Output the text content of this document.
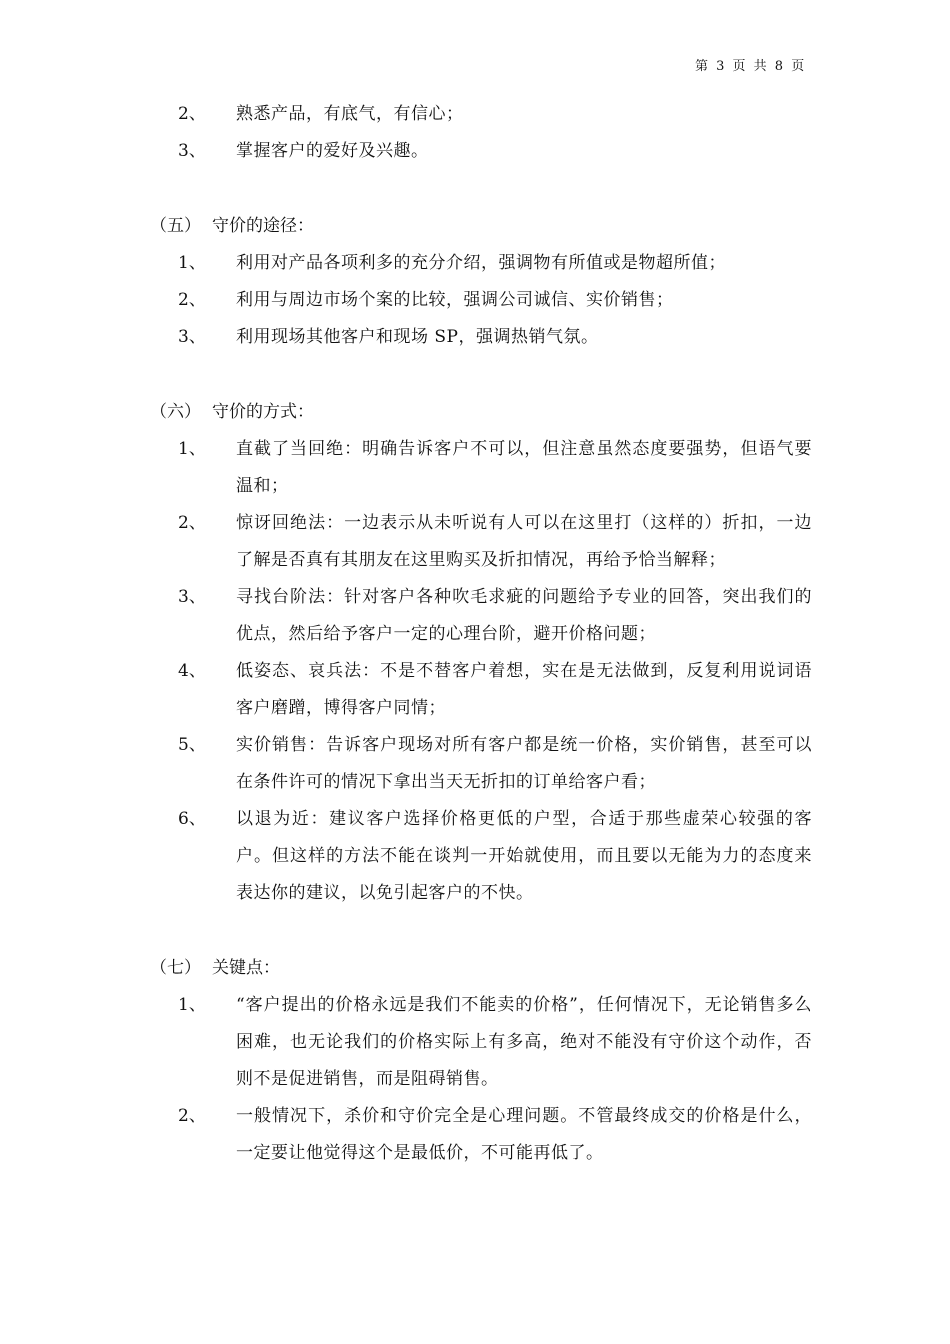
第 3 页 共 8 页
2、 熟悉产品，有底气，有信心；
3、 掌握客户的爱好及兴趣。
（五） 守价的途径：
1、 利用对产品各项利多的充分介绍，强调物有所值或是物超所值；
2、 利用与周边市场个案的比较，强调公司诚信、实价销售；
3、 利用现场其他客户和现场 SP，强调热销气氛。
（六） 守价的方式：
1、 直截了当回绝：明确告诉客户不可以，但注意虽然态度要强势，但语气要温和；
2、 惊讶回绝法：一边表示从未听说有人可以在这里打（这样的）折扣，一边了解是否真有其朋友在这里购买及折扣情况，再给予恰当解释；
3、 寻找台阶法：针对客户各种吹毛求疵的问题给予专业的回答，突出我们的优点，然后给予客户一定的心理台阶，避开价格问题；
4、 低姿态、哀兵法：不是不替客户着想，实在是无法做到，反复利用说词语客户磨蹭，博得客户同情；
5、 实价销售：告诉客户现场对所有客户都是统一价格，实价销售，甚至可以在条件许可的情况下拿出当天无折扣的订单给客户看；
6、 以退为近：建议客户选择价格更低的户型，合适于那些虚荣心较强的客户。但这样的方法不能在谈判一开始就使用，而且要以无能为力的态度来表达你的建议，以免引起客户的不快。
（七） 关键点：
1、 “客户提出的价格永远是我们不能卖的价格”，任何情况下，无论销售多么困难，也无论我们的价格实际上有多高，绝对不能没有守价这个动作，否则不是促进销售，而是阻碍销售。
2、 一般情况下，杀价和守价完全是心理问题。不管最终成交的价格是什么，一定要让他觉得这个是最低价，不可能再低了。
